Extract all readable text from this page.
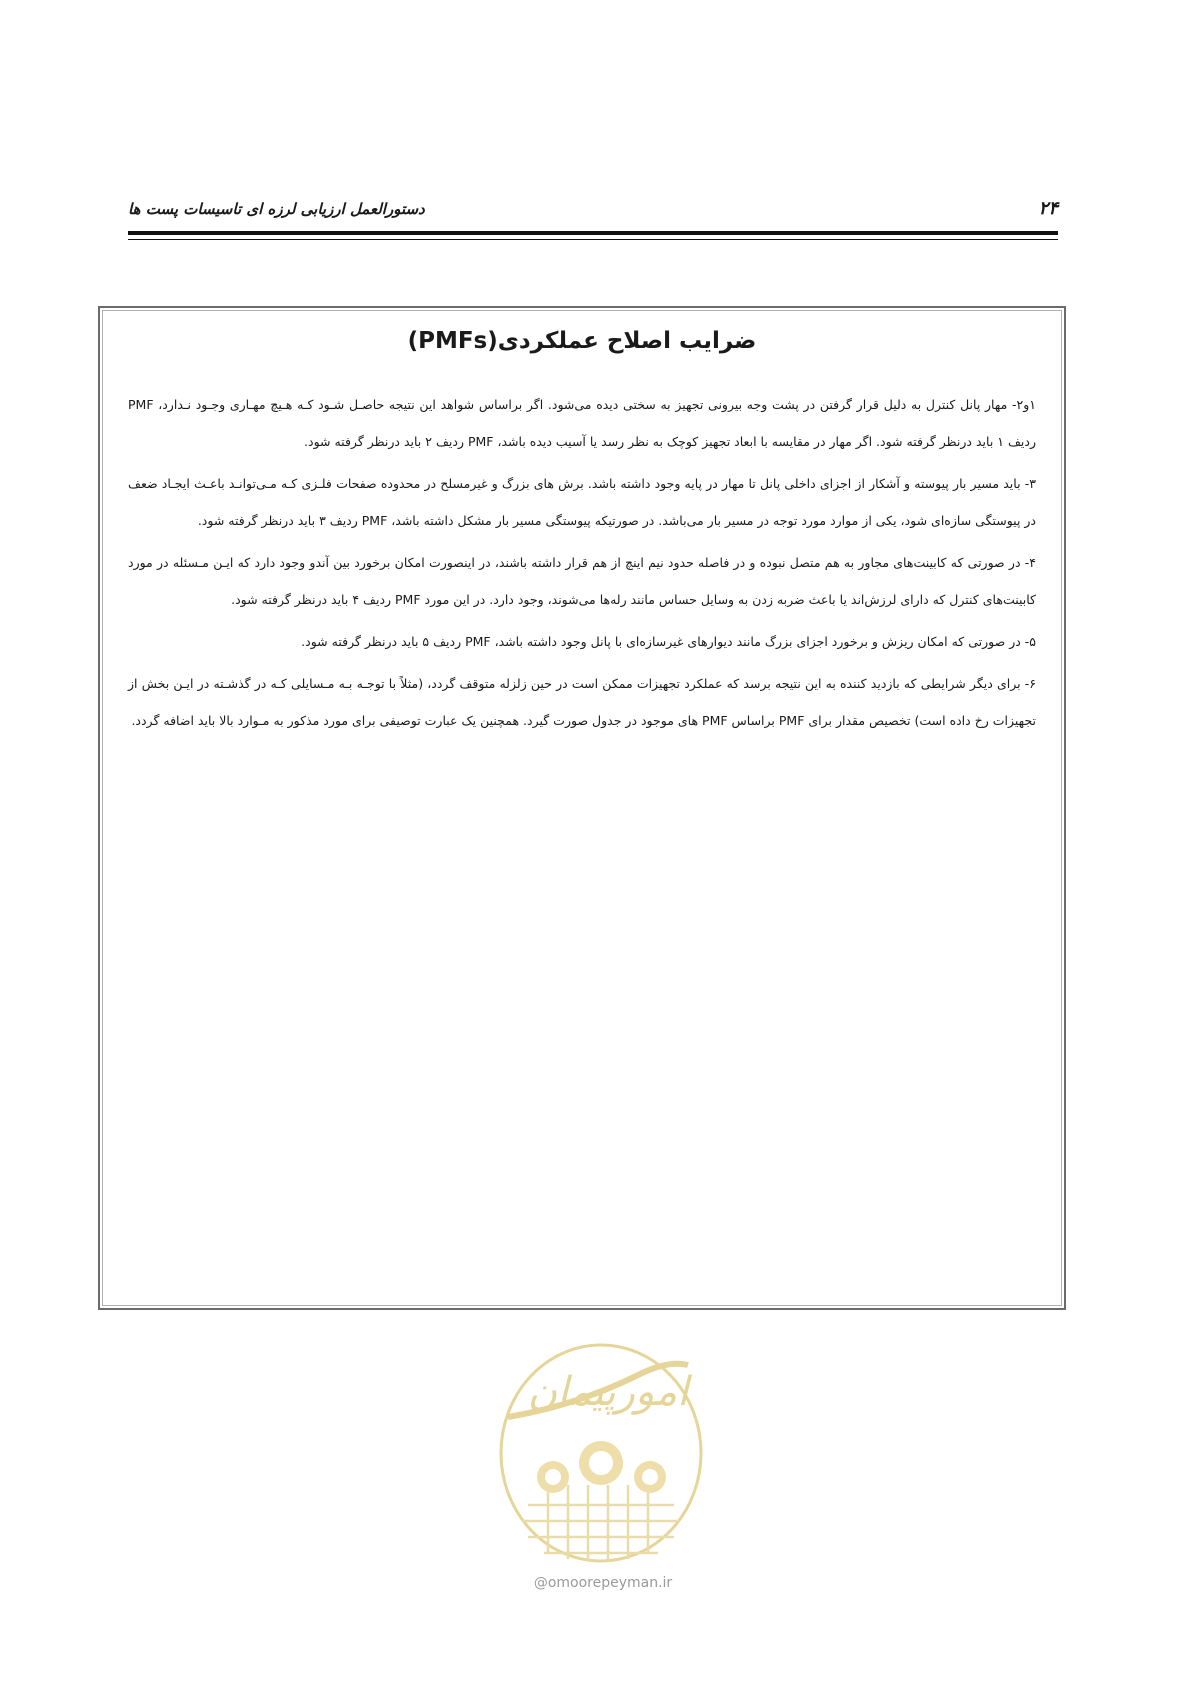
۲۴
دستورالعمل ارزیابی لرزه ای تاسیسات پست ها
ضرایب اصلاح عملکردی(PMFs)

۱و۲- مهار پانل کنترل به دلیل قرار گرفتن در پشت وجه بیرونی تجهیز به سختی دیده می‌شود. اگر براساس شواهد این نتیجه حاصـل شـود کـه هـیچ مهـاری وجـود نـدارد، PMF ردیف ۱ باید درنظر گرفته شود. اگر مهار در مقایسه با ابعاد تجهیز کوچک به نظر رسد یا آسیب دیده باشد، PMF ردیف ۲ باید درنظر گرفته شود.

۳- باید مسیر بار پیوسته و آشکار از اجزای داخلی پانل تا مهار در پایه وجود داشته باشد. برش های بزرگ و غیرمسلح در محدوده صفحات فلـزی کـه مـی‌توانـد باعـث ایجـاد ضعف در پیوستگی سازه‌ای شود، یکی از موارد مورد توجه در مسیر بار می‌باشد. در صورتیکه پیوستگی مسیر بار مشکل داشته باشد، PMF ردیف ۳ باید درنظر گرفته شود.

۴- در صورتی که کابینت‌های مجاور به هم متصل نبوده و در فاصله حدود نیم اینچ از هم قرار داشته باشند، در اینصورت امکان برخورد بین آندو وجود دارد که ایـن مـسئله در مورد کابینت‌های کنترل که دارای لرزش‌اند یا باعث ضربه زدن به وسایل حساس مانند رله‌ها می‌شوند، وجود دارد. در این مورد PMF ردیف ۴ باید درنظر گرفته شود.

۵- در صورتی که امکان ریزش و برخورد اجزای بزرگ مانند دیوارهای غیرسازه‌ای با پانل وجود داشته باشد، PMF ردیف ۵ باید درنظر گرفته شود.

۶- برای دیگر شرایطی که بازدید کننده به این نتیجه برسد که عملکرد تجهیزات ممکن است در حین زلزله متوقف گردد، (مثلاً با توجـه بـه مـسایلی کـه در گذشـته در ایـن بخش از تجهیزات رخ داده است) تخصیص مقدار برای PMF براساس PMF های موجود در جدول صورت گیرد. همچنین یک عبارت توصیفی برای مورد مذکور به مـوارد بالا باید اضافه گردد.

امورپیمان
@omoorepeyman.ir
